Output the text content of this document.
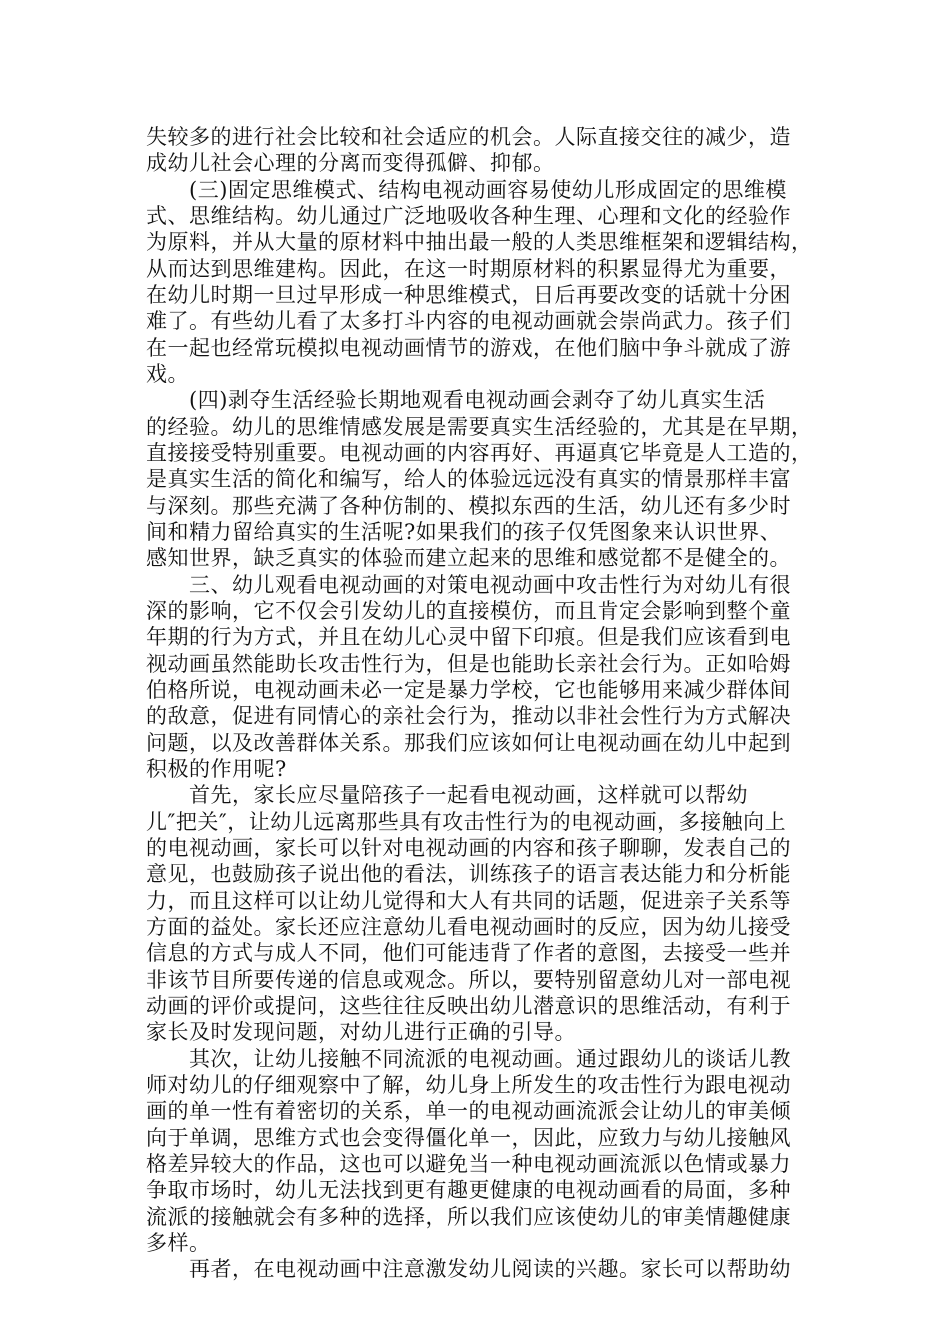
失较多的进行社会比较和社会适应的机会。人际直接交往的减少，造
成幼儿社会心理的分离而变得孤僻、抑郁。
　　(三)固定思维模式、结构电视动画容易使幼儿形成固定的思维模
式、思维结构。幼儿通过广泛地吸收各种生理、心理和文化的经验作
为原料，并从大量的原材料中抽出最一般的人类思维框架和逻辑结构，
从而达到思维建构。因此，在这一时期原材料的积累显得尤为重要，
在幼儿时期一旦过早形成一种思维模式，日后再要改变的话就十分困
难了。有些幼儿看了太多打斗内容的电视动画就会崇尚武力。孩子们
在一起也经常玩模拟电视动画情节的游戏，在他们脑中争斗就成了游
戏。
　　(四)剥夺生活经验长期地观看电视动画会剥夺了幼儿真实生活
的经验。幼儿的思维情感发展是需要真实生活经验的，尤其是在早期，
直接接受特别重要。电视动画的内容再好、再逼真它毕竟是人工造的，
是真实生活的简化和编写，给人的体验远远没有真实的情景那样丰富
与深刻。那些充满了各种仿制的、模拟东西的生活，幼儿还有多少时
间和精力留给真实的生活呢?如果我们的孩子仅凭图象来认识世界、
感知世界，缺乏真实的体验而建立起来的思维和感觉都不是健全的。
　　三、幼儿观看电视动画的对策电视动画中攻击性行为对幼儿有很
深的影响，它不仅会引发幼儿的直接模仿，而且肯定会影响到整个童
年期的行为方式，并且在幼儿心灵中留下印痕。但是我们应该看到电
视动画虽然能助长攻击性行为，但是也能助长亲社会行为。正如哈姆
伯格所说，电视动画未必一定是暴力学校，它也能够用来减少群体间
的敌意，促进有同情心的亲社会行为，推动以非社会性行为方式解决
问题，以及改善群体关系。那我们应该如何让电视动画在幼儿中起到
积极的作用呢?
　　首先，家长应尽量陪孩子一起看电视动画，这样就可以帮幼
儿″把关″，让幼儿远离那些具有攻击性行为的电视动画，多接触向上
的电视动画，家长可以针对电视动画的内容和孩子聊聊，发表自己的
意见，也鼓励孩子说出他的看法，训练孩子的语言表达能力和分析能
力，而且这样可以让幼儿觉得和大人有共同的话题，促进亲子关系等
方面的益处。家长还应注意幼儿看电视动画时的反应，因为幼儿接受
信息的方式与成人不同，他们可能违背了作者的意图，去接受一些并
非该节目所要传递的信息或观念。所以，要特别留意幼儿对一部电视
动画的评价或提问，这些往往反映出幼儿潜意识的思维活动，有利于
家长及时发现问题，对幼儿进行正确的引导。
　　其次，让幼儿接触不同流派的电视动画。通过跟幼儿的谈话儿教
师对幼儿的仔细观察中了解，幼儿身上所发生的攻击性行为跟电视动
画的单一性有着密切的关系，单一的电视动画流派会让幼儿的审美倾
向于单调，思维方式也会变得僵化单一，因此，应致力与幼儿接触风
格差异较大的作品，这也可以避免当一种电视动画流派以色情或暴力
争取市场时，幼儿无法找到更有趣更健康的电视动画看的局面，多种
流派的接触就会有多种的选择，所以我们应该使幼儿的审美情趣健康
多样。
　　再者，在电视动画中注意激发幼儿阅读的兴趣。家长可以帮助幼
